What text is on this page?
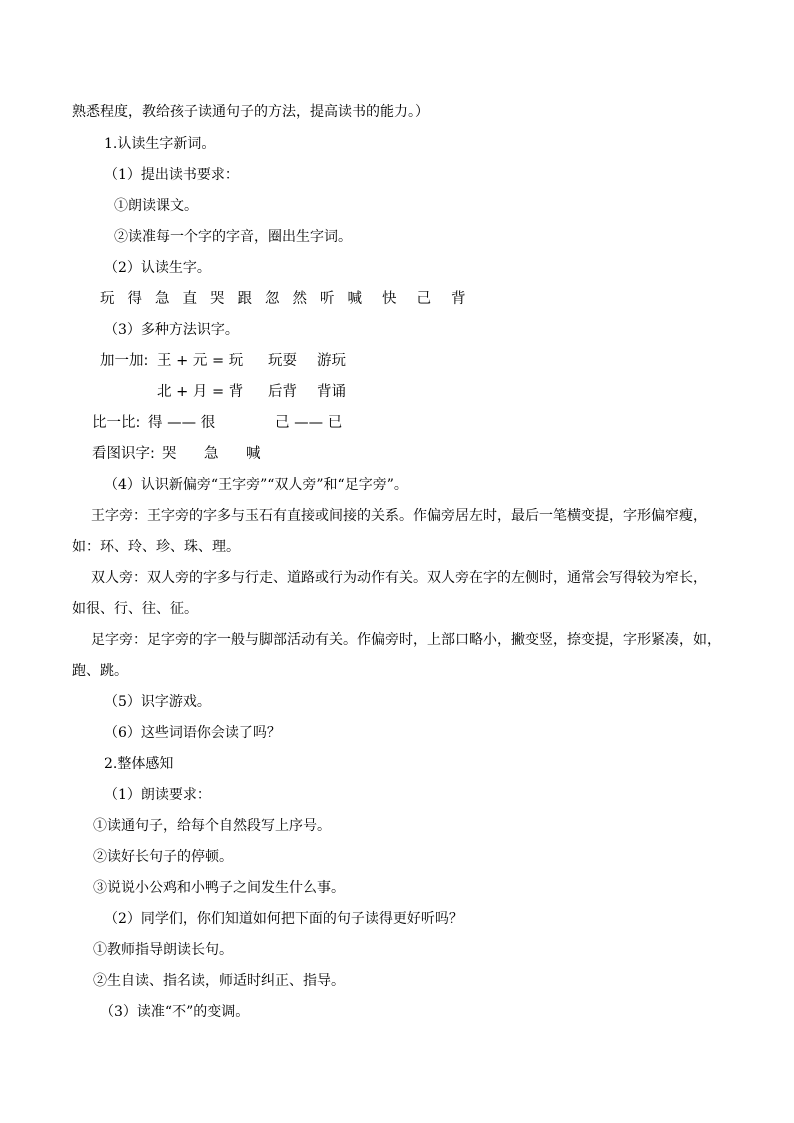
熟悉程度，教给孩子读通句子的方法，提高读书的能力。）
1.认读生字新词。
（1）提出读书要求：
①朗读课文。
②读准每一个字的字音，圈出生字词。
（2）认读生字。
玩 得 急 直 哭 跟 忽 然 听 喊 快 己 背
（3）多种方法识字。
加一加: 王 + 元 = 玩 玩耍 游玩
北 + 月 = 背 后背 背诵
比一比: 得 —— 很	己 —— 已
看图识字: 哭 急 喊
（4）认识新偏旁“王字旁”“双人旁”和“足字旁”。
王字旁：王字旁的字多与玉石有直接或间接的关系。作偏旁居左时，最后一笔横变提，字形偏窄瘦，
如：环、玲、珍、珠、理。
双人旁：双人旁的字多与行走、道路或行为动作有关。双人旁在字的左侧时，通常会写得较为窄长，
如很、行、往、征。
足字旁：足字旁的字一般与脚部活动有关。作偏旁时，上部口略小，撇变竖，捺变提，字形紧凑，如，
跑、跳。
（5）识字游戏。
（6）这些词语你会读了吗？
2.整体感知
（1）朗读要求：
①读通句子，给每个自然段写上序号。
②读好长句子的停顿。
③说说小公鸡和小鸭子之间发生什么事。
（2）同学们，你们知道如何把下面的句子读得更好听吗？
①教师指导朗读长句。
②生自读、指名读，师适时纠正、指导。
（3）读准“不”的变调。
